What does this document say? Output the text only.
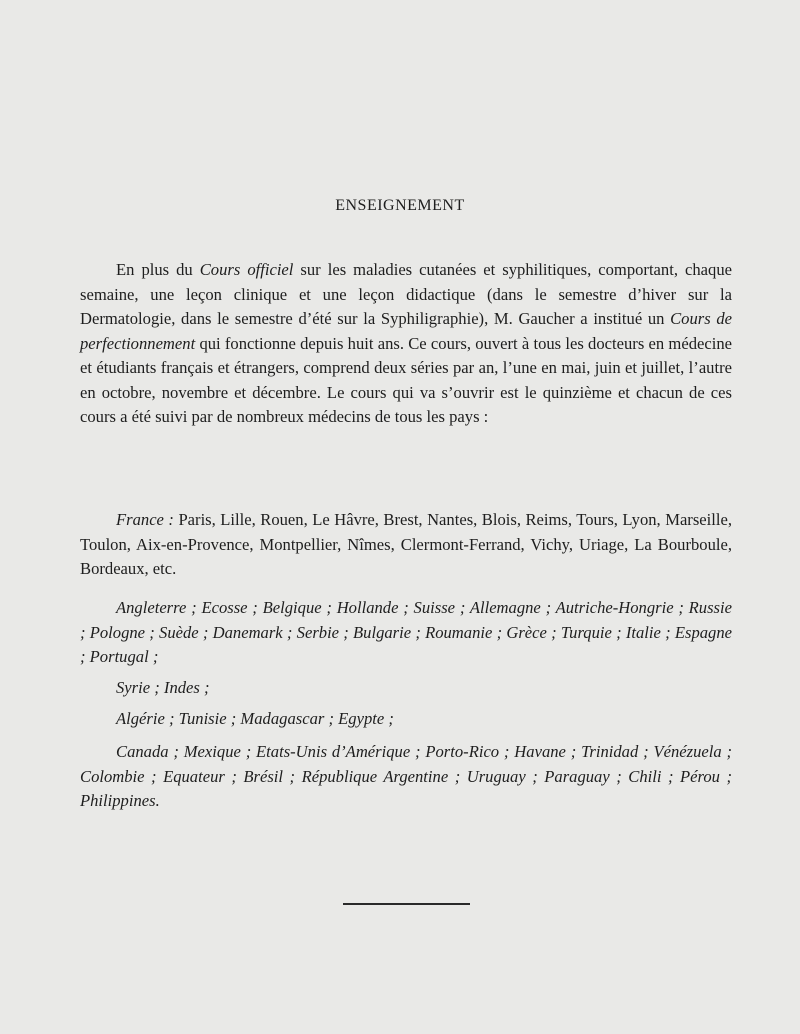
ENSEIGNEMENT

En plus du Cours officiel sur les maladies cutanées et syphilitiques, comportant, chaque semaine, une leçon clinique et une leçon didactique (dans le semestre d’hiver sur la Dermatologie, dans le semestre d’été sur la Syphiligraphie), M. Gaucher a institué un Cours de perfectionnement qui fonctionne depuis huit ans. Ce cours, ouvert à tous les docteurs en médecine et étudiants français et étrangers, comprend deux séries par an, l’une en mai, juin et juillet, l’autre en octobre, novembre et décembre. Le cours qui va s’ouvrir est le quinzième et chacun de ces cours a été suivi par de nombreux médecins de tous les pays :

France : Paris, Lille, Rouen, Le Hâvre, Brest, Nantes, Blois, Reims, Tours, Lyon, Marseille, Toulon, Aix-en-Provence, Montpellier, Nîmes, Clermont-Ferrand, Vichy, Uriage, La Bourboule, Bordeaux, etc.

Angleterre ; Ecosse ; Belgique ; Hollande ; Suisse ; Allemagne ; Autriche-Hongrie ; Russie ; Pologne ; Suède ; Danemark ; Serbie ; Bulgarie ; Roumanie ; Grèce ; Turquie ; Italie ; Espagne ; Portugal ;

Syrie ; Indes ;

Algérie ; Tunisie ; Madagascar ; Egypte ;

Canada ; Mexique ; Etats-Unis d’Amérique ; Porto-Rico ; Havane ; Trinidad ; Vénézuela ; Colombie ; Equateur ; Brésil ; République Argentine ; Uruguay ; Paraguay ; Chili ; Pérou ; Philippines.
